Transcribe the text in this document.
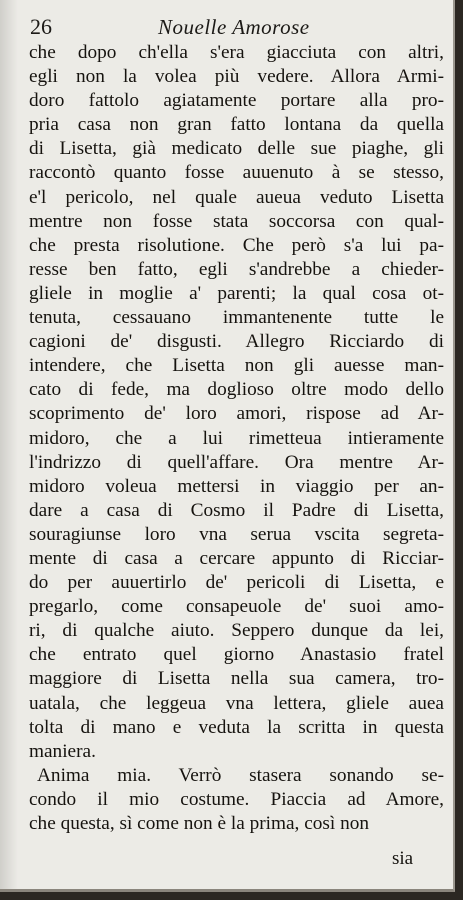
26	Nouelle Amorose
che dopo ch'ella s'era giacciuta con altri,
egli non la volea più vedere. Allora Armi-
doro fattolo agiatamente portare alla pro-
pria casa non gran fatto lontana da quella
di Lisetta, già medicato delle sue piaghe, gli
raccontò quanto fosse auuenuto à se stesso,
e'l pericolo, nel quale aueua veduto Lisetta
mentre non fosse stata soccorsa con qual-
che presta risolutione. Che però s'a lui pa-
resse ben fatto, egli s'andrebbe a chieder-
gliele in moglie a' parenti; la qual cosa ot-
tenuta, cessauano immantenente tutte le
cagioni de' disgusti. Allegro Ricciardo di
intendere, che Lisetta non gli auesse man-
cato di fede, ma doglioso oltre modo dello
scoprimento de' loro amori, rispose ad Ar-
midoro, che a lui rimetteua intieramente
l'indrizzo di quell'affare. Ora mentre Ar-
midoro voleua mettersi in viaggio per an-
dare a casa di Cosmo il Padre di Lisetta,
souragiunse loro vna serua vscita segreta-
mente di casa a cercare appunto di Ricciar-
do per auuertirlo de' pericoli di Lisetta, e
pregarlo, come consapeuole de' suoi amo-
ri, di qualche aiuto. Seppero dunque da lei,
che entrato quel giorno Anastasio fratel
maggiore di Lisetta nella sua camera, tro-
uatala, che leggeua vna lettera, gliele auea
tolta di mano e veduta la scritta in questa
maniera.
Anima mia. Verrò stasera sonando se-
condo il mio costume. Piaccia ad Amore,
che questa, sì come non è la prima, così non
sia
